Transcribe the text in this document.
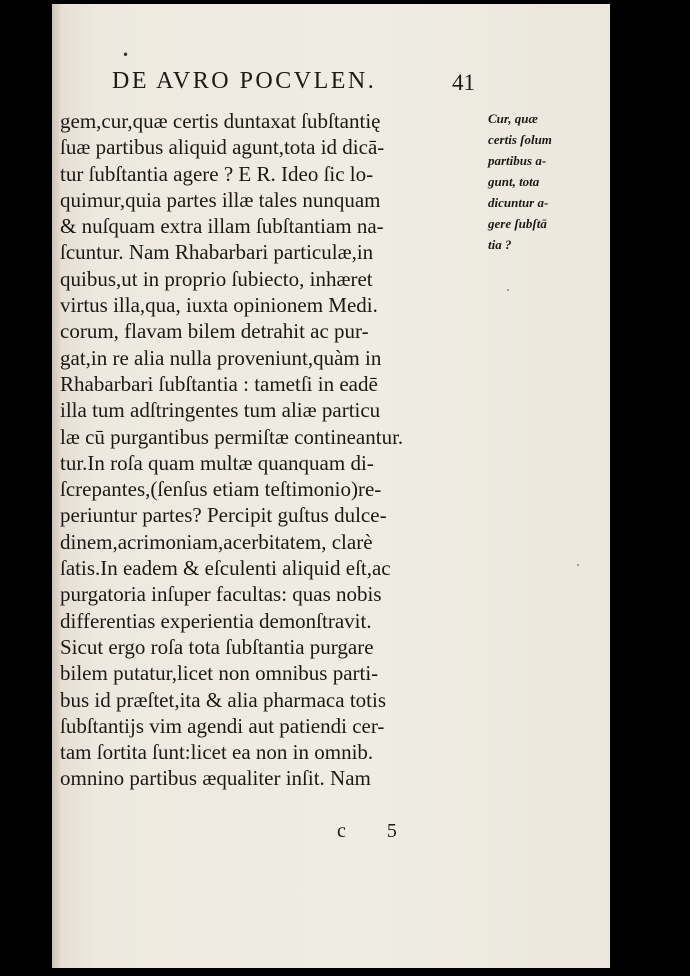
•
DE AVRO POCVLEN.	41
gem,cur,quæ certis duntaxat ſubſtantię
ſuæ partibus aliquid agunt,tota id dicā-
tur ſubſtantia agere ? E R. Ideo ſic lo-
quimur,quia partes illæ tales nunquam
& nuſquam extra illam ſubſtantiam na-
ſcuntur. Nam Rhabarbari particulæ,in
quibus,ut in proprio ſubiecto, inhæret
virtus illa,qua, iuxta opinionem Medi.
corum, flavam bilem detrahit ac pur-
gat,in re alia nulla proveniunt,quàm in
Rhabarbari ſubſtantia : tametſi in eadē
illa tum adſtringentes tum aliæ particu
læ cū purgantibus permiſtæ contineantur.
tur.In roſa quam multæ quanquam di-
ſcrepantes,(ſenſus etiam teſtimonio)re-
periuntur partes? Percipit guſtus dulce-
dinem,acrimoniam,acerbitatem, clarè
ſatis.In eadem & eſculenti aliquid eſt,ac
purgatoria inſuper facultas: quas nobis
differentias experientia demonſtravit.
Sicut ergo roſa tota ſubſtantia purgare
bilem putatur,licet non omnibus parti-
bus id præſtet,ita & alia pharmaca totis
ſubſtantijs vim agendi aut patiendi cer-
tam ſortita ſunt:licet ea non in omnib.
omnino partibus æqualiter inſit. Nam
Cur, quæ
certis ſolum
partibus a-
gunt, tota
dicuntur a-
gere ſubſtā
tia ?
c 5
